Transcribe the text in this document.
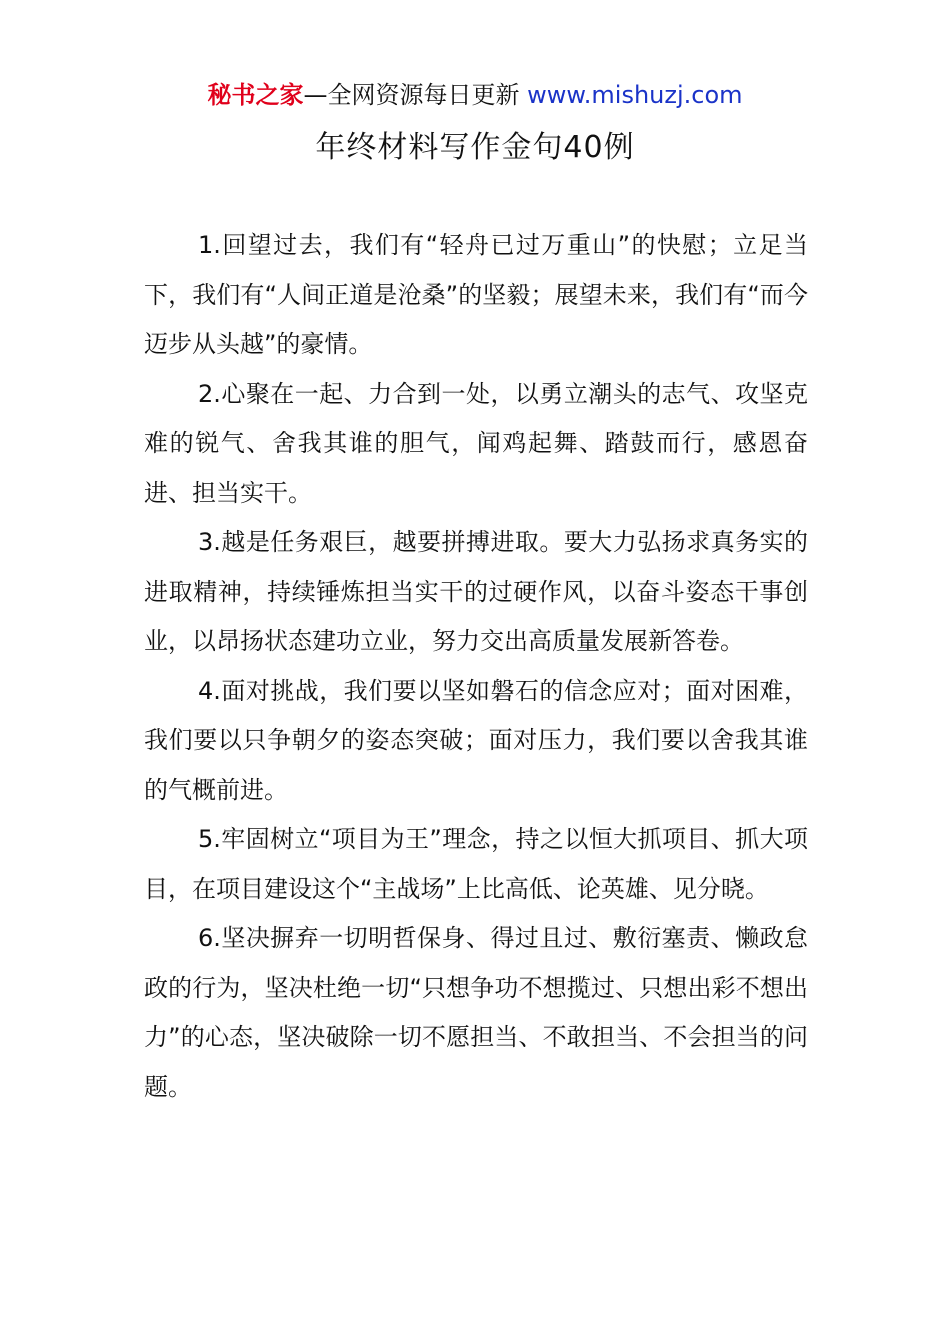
秘书之家—全网资源每日更新 www.mishuzj.com
年终材料写作金句40例

1.回望过去，我们有“轻舟已过万重山”的快慰；立足当下，我们有“人间正道是沧桑”的坚毅；展望未来，我们有“而今迈步从头越”的豪情。

2.心聚在一起、力合到一处，以勇立潮头的志气、攻坚克难的锐气、舍我其谁的胆气，闻鸡起舞、踏鼓而行，感恩奋进、担当实干。

3.越是任务艰巨，越要拼搏进取。要大力弘扬求真务实的进取精神，持续锤炼担当实干的过硬作风，以奋斗姿态干事创业，以昂扬状态建功立业，努力交出高质量发展新答卷。

4.面对挑战，我们要以坚如磐石的信念应对；面对困难，我们要以只争朝夕的姿态突破；面对压力，我们要以舍我其谁的气概前进。

5.牢固树立“项目为王”理念，持之以恒大抓项目、抓大项目，在项目建设这个“主战场”上比高低、论英雄、见分晓。

6.坚决摒弃一切明哲保身、得过且过、敷衍塞责、懒政怠政的行为，坚决杜绝一切“只想争功不想揽过、只想出彩不想出力”的心态，坚决破除一切不愿担当、不敢担当、不会担当的问题。
